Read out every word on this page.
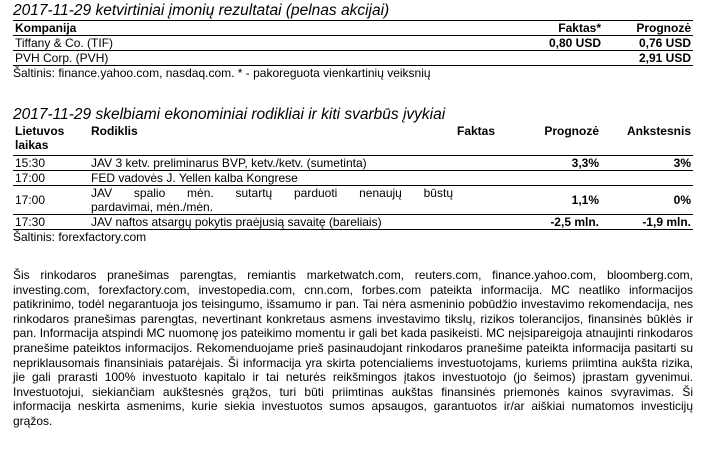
2017-11-29 ketvirtiniai įmonių rezultatai (pelnas akcijai)
Kompanija	Faktas*	Prognozė
Tiffany & Co. (TIF)	0,80 USD	0,76 USD
PVH Corp. (PVH)		2,91 USD
Šaltinis: finance.yahoo.com, nasdaq.com. * - pakoreguota vienkartinių veiksnių
2017-11-29 skelbiami ekonominiai rodikliai ir kiti svarbūs įvykiai
Lietuvos
laikas	Rodiklis	Faktas	Prognozė	Ankstesnis
15:30	JAV 3 ketv. preliminarus BVP, ketv./ketv. (sumetinta)		3,3%	3%
17:00	FED vadovės J. Yellen kalba Kongrese			
17:00	JAV spalio mėn. sutartų parduoti nenaujų būstų
pardavimai, mėn./mėn.		1,1%	0%
17:30	JAV naftos atsargų pokytis praėjusią savaitę (bareliais)		-2,5 mln.	-1,9 mln.
Šaltinis: forexfactory.com
Šis rinkodaros pranešimas parengtas, remiantis marketwatch.com, reuters.com, finance.yahoo.com, bloomberg.com, investing.com, forexfactory.com, investopedia.com, cnn.com, forbes.com pateikta informacija. MC neatliko informacijos patikrinimo, todėl negarantuoja jos teisingumo, išsamumo ir pan. Tai nėra asmeninio pobūdžio investavimo rekomendacija, nes rinkodaros pranešimas parengtas, nevertinant konkretaus asmens investavimo tikslų, rizikos tolerancijos, finansinės būklės ir pan. Informacija atspindi MC nuomonę jos pateikimo momentu ir gali bet kada pasikeisti. MC neįsipareigoja atnaujinti rinkodaros pranešime pateiktos informacijos. Rekomenduojame prieš pasinaudojant rinkodaros pranešime pateikta informacija pasitarti su nepriklausomais finansiniais patarėjais. Ši informacija yra skirta potencialiems investuotojams, kuriems priimtina aukšta rizika, jie gali prarasti 100% investuoto kapitalo ir tai neturės reikšmingos įtakos investuotojo (jo šeimos) įprastam gyvenimui. Investuotojui, siekiančiam aukštesnės grąžos, turi būti priimtinas aukštas finansinės priemonės kainos svyravimas. Ši informacija neskirta asmenims, kurie siekia investuotos sumos apsaugos, garantuotos ir/ar aiškiai numatomos investicijų grąžos.
